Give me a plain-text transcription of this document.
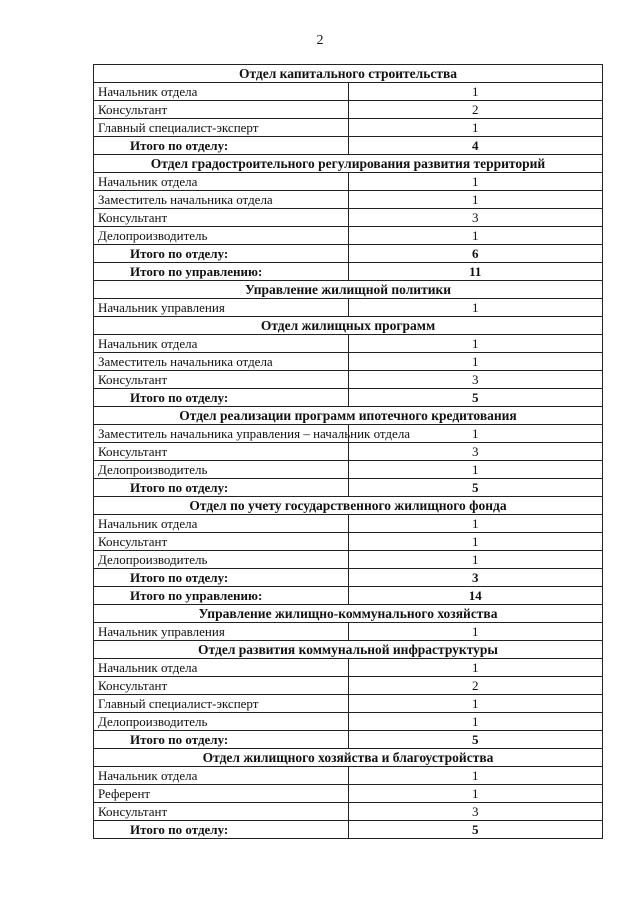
2
Отдел капитального строительства	
Начальник отдела	1
Консультант	2
Главный специалист-эксперт	1
Итого по отделу:	4
Отдел градостроительного регулирования развития территорий	
Начальник отдела	1
Заместитель начальника отдела	1
Консультант	3
Делопроизводитель	1
Итого по отделу:	6
Итого по управлению:	11
Управление жилищной политики	
Начальник управления	1
Отдел жилищных программ	
Начальник отдела	1
Заместитель начальника отдела	1
Консультант	3
Итого по отделу:	5
Отдел реализации программ ипотечного кредитования	
Заместитель начальника управления – начальник отдела	1
Консультант	3
Делопроизводитель	1
Итого по отделу:	5
Отдел по учету государственного жилищного фонда	
Начальник отдела	1
Консультант	1
Делопроизводитель	1
Итого по отделу:	3
Итого по управлению:	14
Управление жилищно-коммунального хозяйства	
Начальник управления	1
Отдел развития коммунальной инфраструктуры	
Начальник отдела	1
Консультант	2
Главный специалист-эксперт	1
Делопроизводитель	1
Итого по отделу:	5
Отдел жилищного хозяйства и благоустройства	
Начальник отдела	1
Референт	1
Консультант	3
Итого по отделу:	5
